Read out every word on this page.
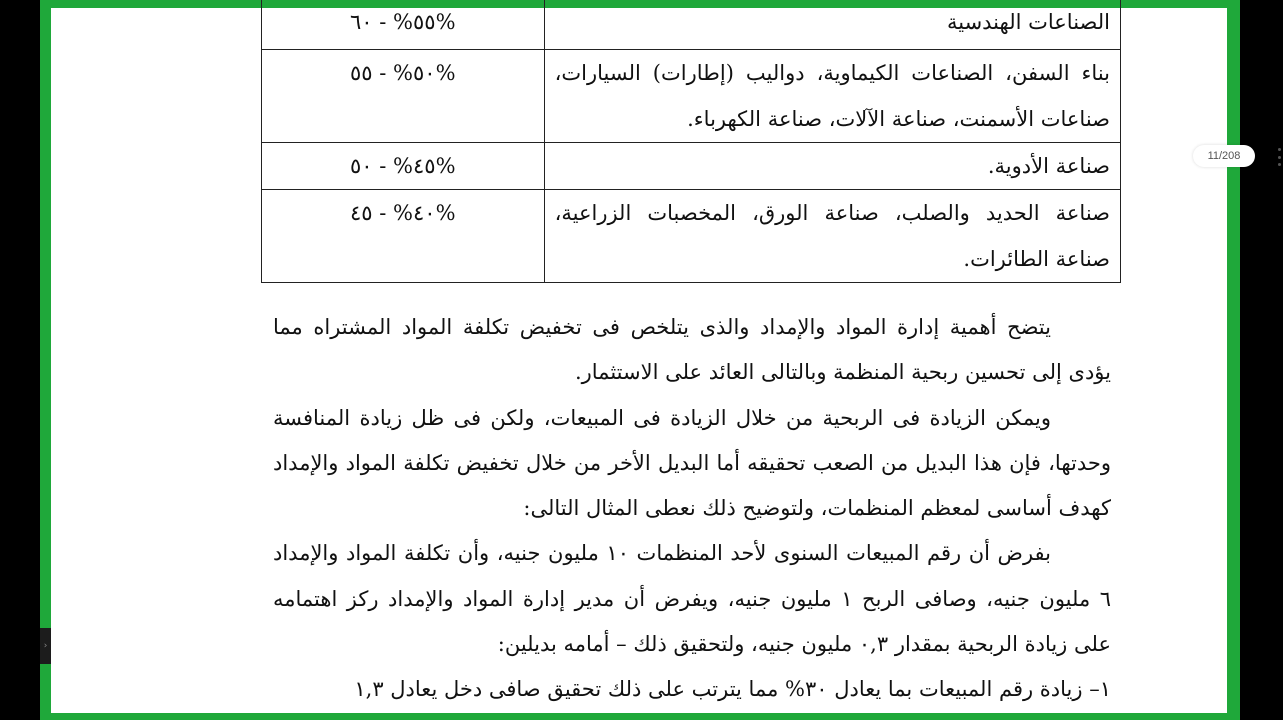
›
الصناعات الهندسية	٥٥% - ٦٠%
بناء السفن، الصناعات الكيماوية، دواليب (إطارات) السيارات، صناعات الأسمنت، صناعة الآلات، صناعة الكهرباء.	٥٠% - ٥٥%
صناعة الأدوية.	٤٥% - ٥٠%
صناعة الحديد والصلب، صناعة الورق، المخصبات الزراعية، صناعة الطائرات.	٤٠% - ٤٥%

يتضح أهمية إدارة المواد والإمداد والذى يتلخص فى تخفيض تكلفة المواد المشتراه مما يؤدى إلى تحسين ربحية المنظمة وبالتالى العائد على الاستثمار.

ويمكن الزيادة فى الربحية من خلال الزيادة فى المبيعات، ولكن فى ظل زيادة المنافسة وحدتها، فإن هذا البديل من الصعب تحقيقه أما البديل الأخر من خلال تخفيض تكلفة المواد والإمداد كهدف أساسى لمعظم المنظمات، ولتوضيح ذلك نعطى المثال التالى:

بفرض أن رقم المبيعات السنوى لأحد المنظمات ١٠ مليون جنيه، وأن تكلفة المواد والإمداد ٦ مليون جنيه، وصافى الربح ١ مليون جنيه، ويفرض أن مدير إدارة المواد والإمداد ركز اهتمامه على زيادة الربحية بمقدار ٠,٣ مليون جنيه، ولتحقيق ذلك – أمامه بديلين:

١– زيادة رقم المبيعات بما يعادل ٣٠% مما يترتب على ذلك تحقيق صافى دخل يعادل ١,٣

11/208
